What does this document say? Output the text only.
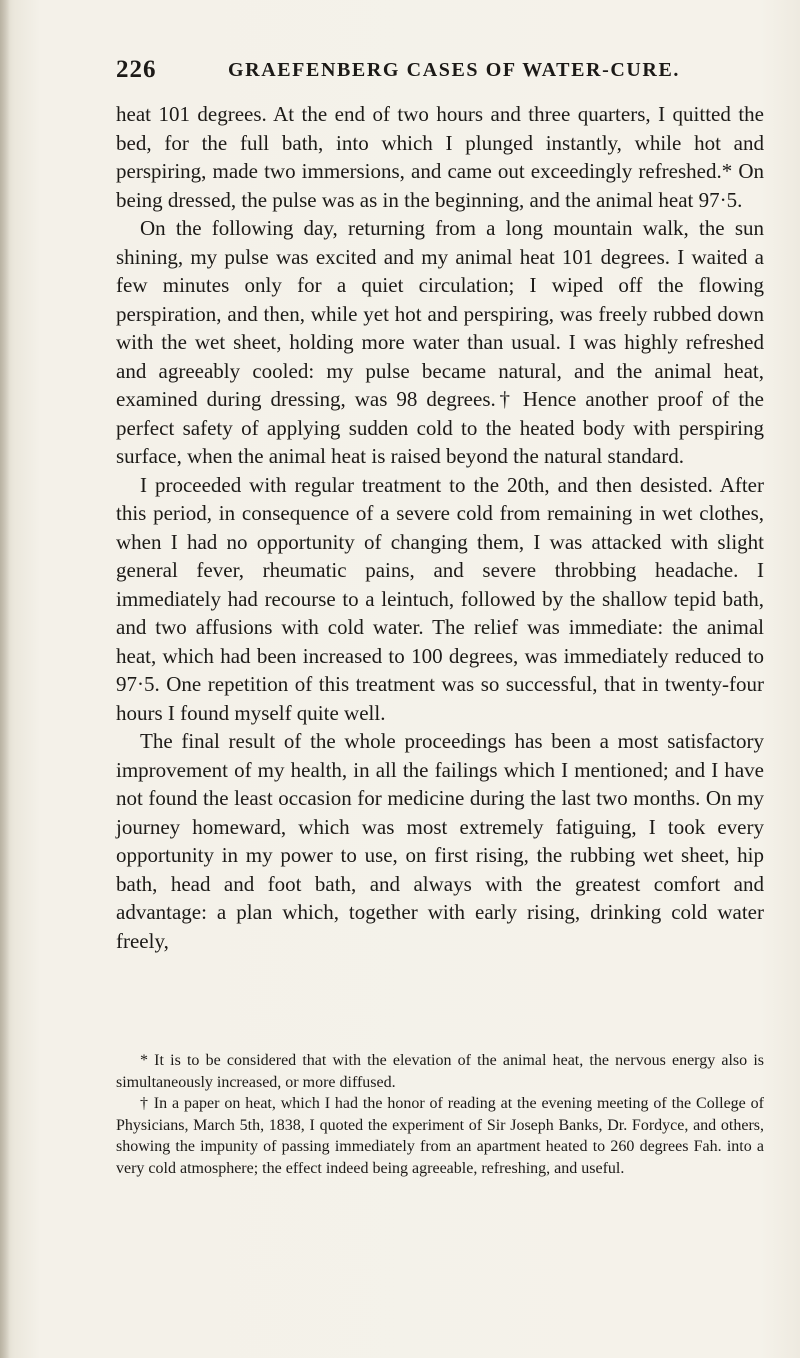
226	GRAEFENBERG CASES OF WATER-CURE.

heat 101 degrees. At the end of two hours and three quarters, I quitted the bed, for the full bath, into which I plunged instantly, while hot and perspiring, made two immersions, and came out exceedingly refreshed.* On being dressed, the pulse was as in the beginning, and the animal heat 97·5.

On the following day, returning from a long mountain walk, the sun shining, my pulse was excited and my animal heat 101 degrees. I waited a few minutes only for a quiet circulation; I wiped off the flowing perspiration, and then, while yet hot and perspiring, was freely rubbed down with the wet sheet, holding more water than usual. I was highly refreshed and agreeably cooled: my pulse became natural, and the animal heat, examined during dressing, was 98 degrees.† Hence another proof of the perfect safety of applying sudden cold to the heated body with perspiring surface, when the animal heat is raised beyond the natural standard.

I proceeded with regular treatment to the 20th, and then desisted. After this period, in consequence of a severe cold from remaining in wet clothes, when I had no opportunity of changing them, I was attacked with slight general fever, rheumatic pains, and severe throbbing headache. I immediately had recourse to a leintuch, followed by the shallow tepid bath, and two affusions with cold water. The relief was immediate: the animal heat, which had been increased to 100 degrees, was immediately reduced to 97·5. One repetition of this treatment was so successful, that in twenty-four hours I found myself quite well.

The final result of the whole proceedings has been a most satisfactory improvement of my health, in all the failings which I mentioned; and I have not found the least occasion for medicine during the last two months. On my journey homeward, which was most extremely fatiguing, I took every opportunity in my power to use, on first rising, the rubbing wet sheet, hip bath, head and foot bath, and always with the greatest comfort and advantage: a plan which, together with early rising, drinking cold water freely,

* It is to be considered that with the elevation of the animal heat, the nervous energy also is simultaneously increased, or more diffused.

† In a paper on heat, which I had the honor of reading at the evening meeting of the College of Physicians, March 5th, 1838, I quoted the experiment of Sir Joseph Banks, Dr. Fordyce, and others, showing the impunity of passing immediately from an apartment heated to 260 degrees Fah. into a very cold atmosphere; the effect indeed being agreeable, refreshing, and useful.
